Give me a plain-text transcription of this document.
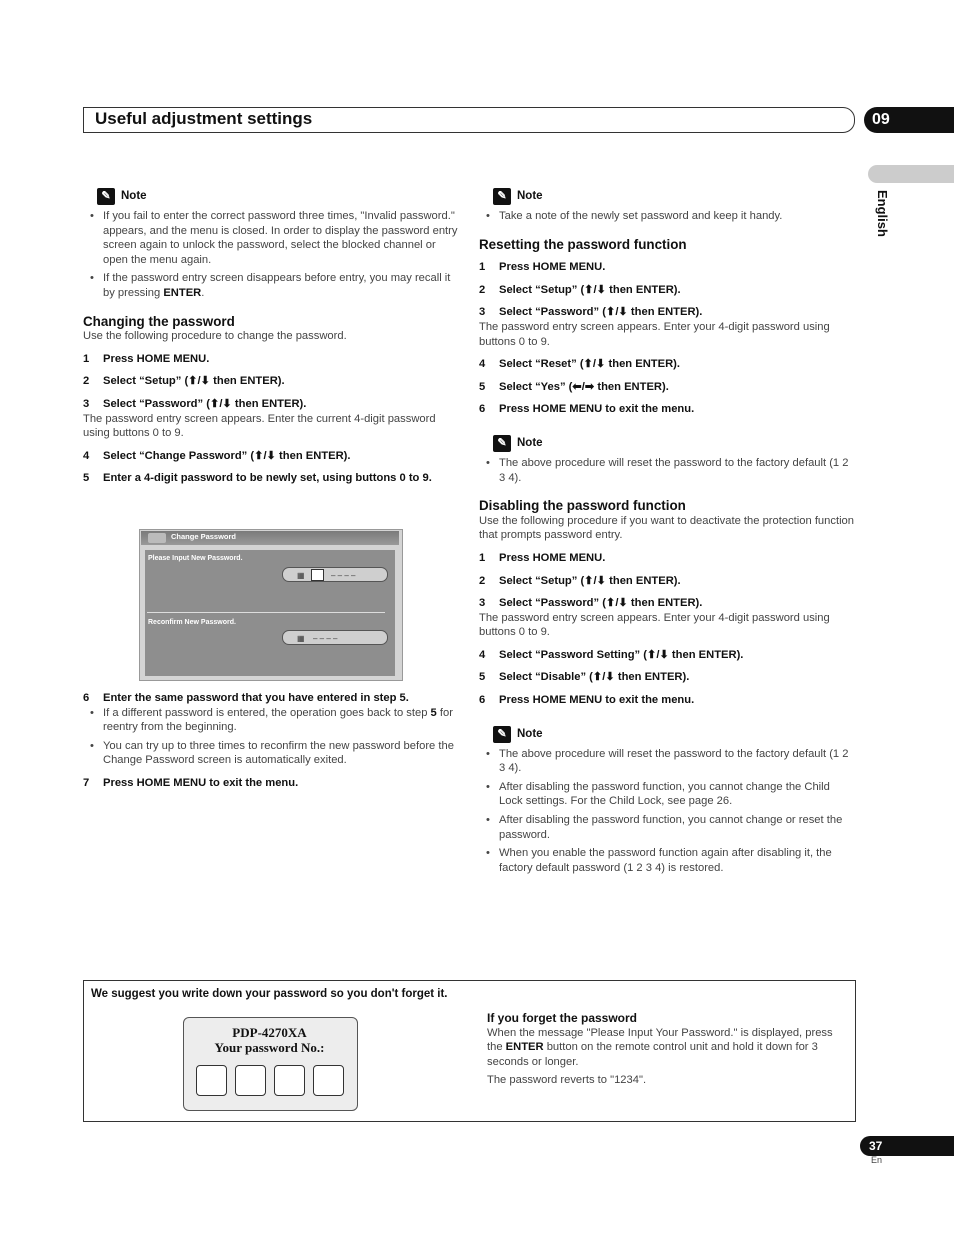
Useful adjustment settings	09
English
✎ Note
• If you fail to enter the correct password three times, "Invalid password." appears, and the menu is closed. In order to display the password entry screen again to unlock the password, select the blocked channel or open the menu again.
• If the password entry screen disappears before entry, you may recall it by pressing ENTER.
Changing the password
Use the following procedure to change the password.
1	Press HOME MENU.
2	Select “Setup” (⬆/⬇ then ENTER).
3	Select “Password” (⬆/⬇ then ENTER).
The password entry screen appears. Enter the current 4-digit password using buttons 0 to 9.
4	Select “Change Password” (⬆/⬇ then ENTER).
5	Enter a 4-digit password to be newly set, using buttons 0 to 9.
Change Password
Please Input New Password.
▦	– – – –
Reconfirm New Password.
▦ – – – –
6	Enter the same password that you have entered in step 5.
• If a different password is entered, the operation goes back to step 5 for reentry from the beginning.
• You can try up to three times to reconfirm the new password before the Change Password screen is automatically exited.
7	Press HOME MENU to exit the menu.
✎ Note
• Take a note of the newly set password and keep it handy.
Resetting the password function
1	Press HOME MENU.
2	Select “Setup” (⬆/⬇ then ENTER).
3	Select “Password” (⬆/⬇ then ENTER).
The password entry screen appears. Enter your 4-digit password using buttons 0 to 9.
4	Select “Reset” (⬆/⬇ then ENTER).
5	Select “Yes” (⬅/➡ then ENTER).
6	Press HOME MENU to exit the menu.
✎ Note
• The above procedure will reset the password to the factory default (1 2 3 4).
Disabling the password function
Use the following procedure if you want to deactivate the protection function that prompts password entry.
1	Press HOME MENU.
2	Select “Setup” (⬆/⬇ then ENTER).
3	Select “Password” (⬆/⬇ then ENTER).
The password entry screen appears. Enter your 4-digit password using buttons 0 to 9.
4	Select “Password Setting” (⬆/⬇ then ENTER).
5	Select “Disable” (⬆/⬇ then ENTER).
6	Press HOME MENU to exit the menu.
✎ Note
• The above procedure will reset the password to the factory default (1 2 3 4).
• After disabling the password function, you cannot change the Child Lock settings. For the Child Lock, see page 26.
• After disabling the password function, you cannot change or reset the password.
• When you enable the password function again after disabling it, the factory default password (1 2 3 4) is restored.
We suggest you write down your password so you don't forget it.
PDP-4270XA
Your password No.:
If you forget the password
When the message "Please Input Your Password." is displayed, press the ENTER button on the remote control unit and hold it down for 3 seconds or longer.
The password reverts to "1234".
37
En
